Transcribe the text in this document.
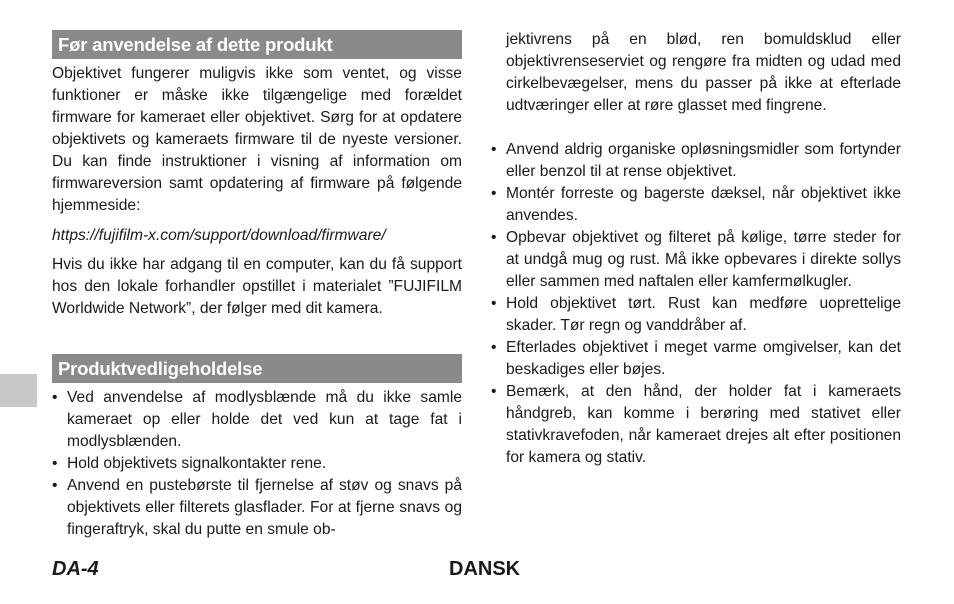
Før anvendelse af dette produkt
Objektivet fungerer muligvis ikke som ventet, og visse funktioner er måske ikke tilgængelige med forældet firmware for kameraet eller objektivet. Sørg for at opdatere objektivets og kameraets firmware til de nyeste versioner. Du kan finde instruktioner i visning af information om firmwareversion samt opdatering af firmware på følgende hjemmeside:
https://fujifilm-x.com/support/download/firmware/
Hvis du ikke har adgang til en computer, kan du få support hos den lokale forhandler opstillet i materialet ”FUJIFILM Worldwide Network”, der følger med dit kamera.
Produktvedligeholdelse
• Ved anvendelse af modlysblænde må du ikke samle kameraet op eller holde det ved kun at tage fat i modlysblænden.
• Hold objektivets signalkontakter rene.
• Anvend en pustebørste til fjernelse af støv og snavs på objektivets eller filterets glasflader. For at fjerne snavs og fingeraftryk, skal du putte en smule ob-
jektivrens på en blød, ren bomuldsklud eller objektivrenseserviet og rengøre fra midten og udad med cirkelbevægelser, mens du passer på ikke at efterlade udtværinger eller at røre glasset med fingrene.
• Anvend aldrig organiske opløsningsmidler som fortynder eller benzol til at rense objektivet.
• Montér forreste og bagerste dæksel, når objektivet ikke anvendes.
• Opbevar objektivet og filteret på kølige, tørre steder for at undgå mug og rust. Må ikke opbevares i direkte sollys eller sammen med naftalen eller kamfermølkugler.
• Hold objektivet tørt. Rust kan medføre uoprettelige skader. Tør regn og vanddråber af.
• Efterlades objektivet i meget varme omgivelser, kan det beskadiges eller bøjes.
• Bemærk, at den hånd, der holder fat i kameraets håndgreb, kan komme i berøring med stativet eller stativkravefoden, når kameraet drejes alt efter positionen for kamera og stativ.
DA-4	DANSK
